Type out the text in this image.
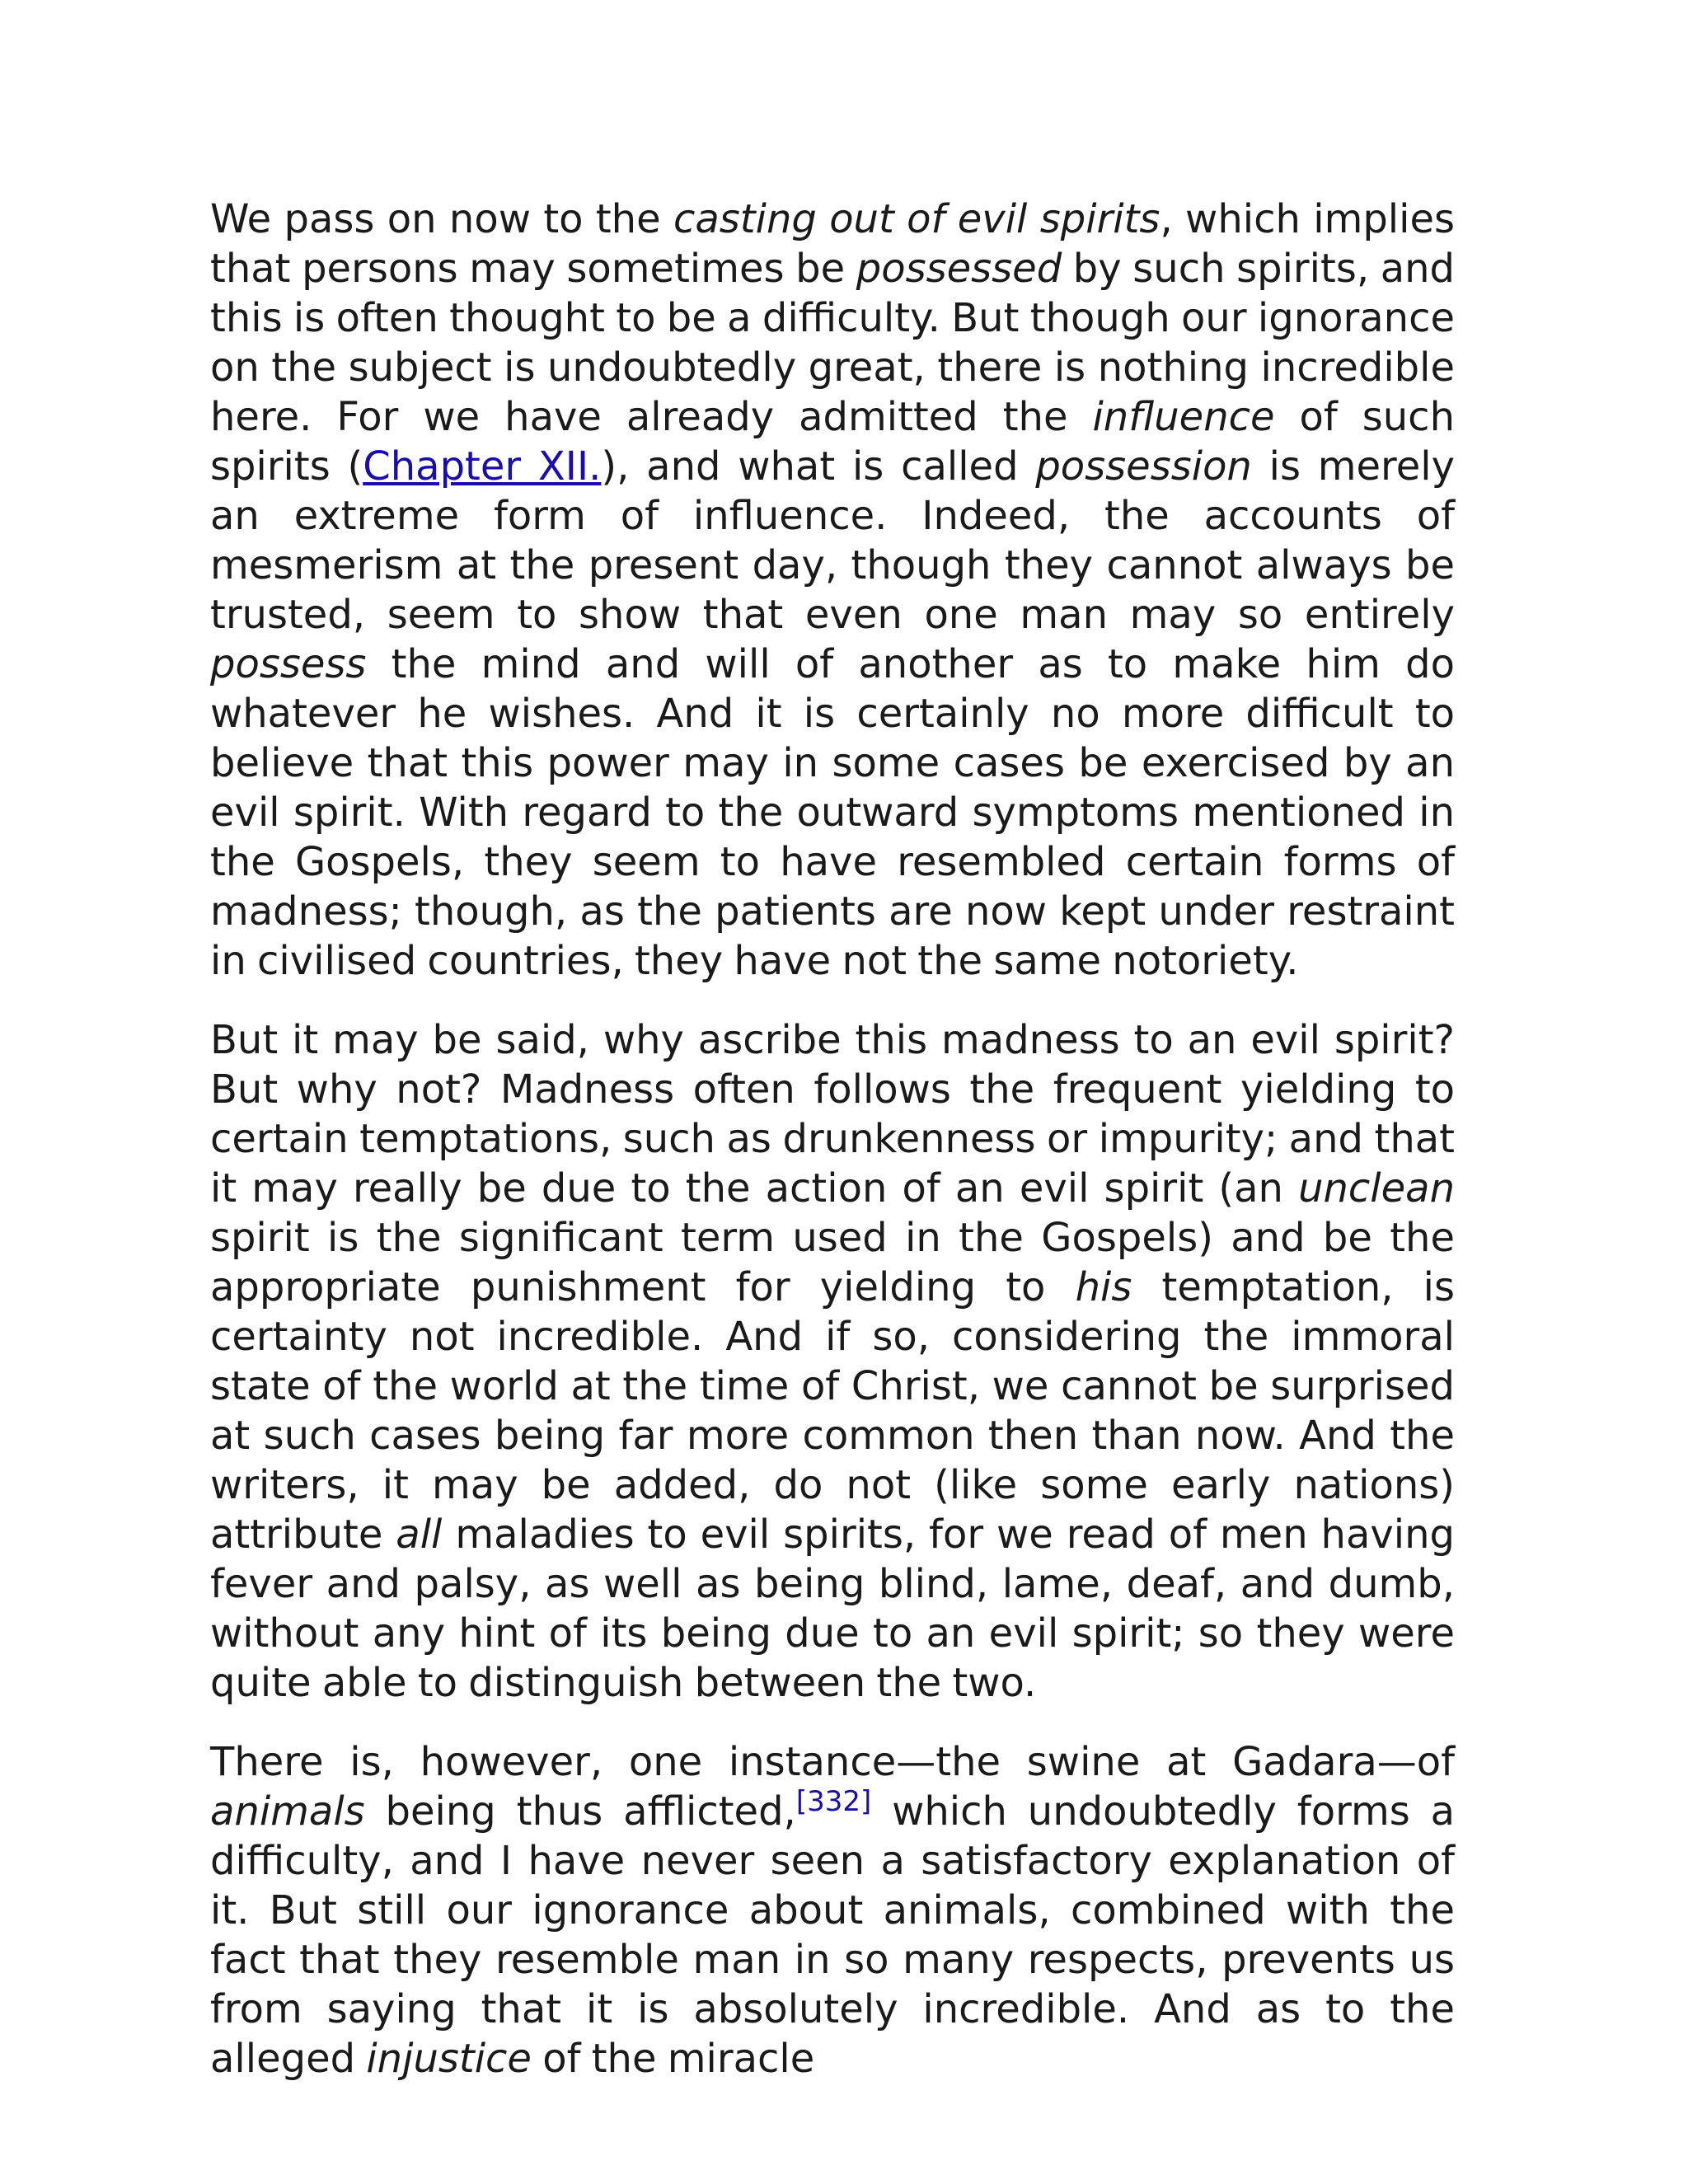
We pass on now to the casting out of evil spirits, which implies that persons may sometimes be possessed by such spirits, and this is often thought to be a difficulty. But though our ignorance on the subject is undoubtedly great, there is nothing incredible here. For we have already admitted the influence of such spirits (Chapter XII.), and what is called possession is merely an extreme form of influence. Indeed, the accounts of mesmerism at the present day, though they cannot always be trusted, seem to show that even one man may so entirely possess the mind and will of another as to make him do whatever he wishes. And it is certainly no more difficult to believe that this power may in some cases be exercised by an evil spirit. With regard to the outward symptoms mentioned in the Gospels, they seem to have resembled certain forms of madness; though, as the patients are now kept under restraint in civilised countries, they have not the same notoriety.

But it may be said, why ascribe this madness to an evil spirit? But why not? Madness often follows the frequent yielding to certain temptations, such as drunkenness or impurity; and that it may really be due to the action of an evil spirit (an unclean spirit is the significant term used in the Gospels) and be the appropriate punishment for yielding to his temptation, is certainty not incredible. And if so, considering the immoral state of the world at the time of Christ, we cannot be surprised at such cases being far more common then than now. And the writers, it may be added, do not (like some early nations) attribute all maladies to evil spirits, for we read of men having fever and palsy, as well as being blind, lame, deaf, and dumb, without any hint of its being due to an evil spirit; so they were quite able to distinguish between the two.

There is, however, one instance—the swine at Gadara—of animals being thus afflicted,[332] which undoubtedly forms a difficulty, and I have never seen a satisfactory explanation of it. But still our ignorance about animals, combined with the fact that they resemble man in so many respects, prevents us from saying that it is absolutely incredible. And as to the alleged injustice of the miracle
